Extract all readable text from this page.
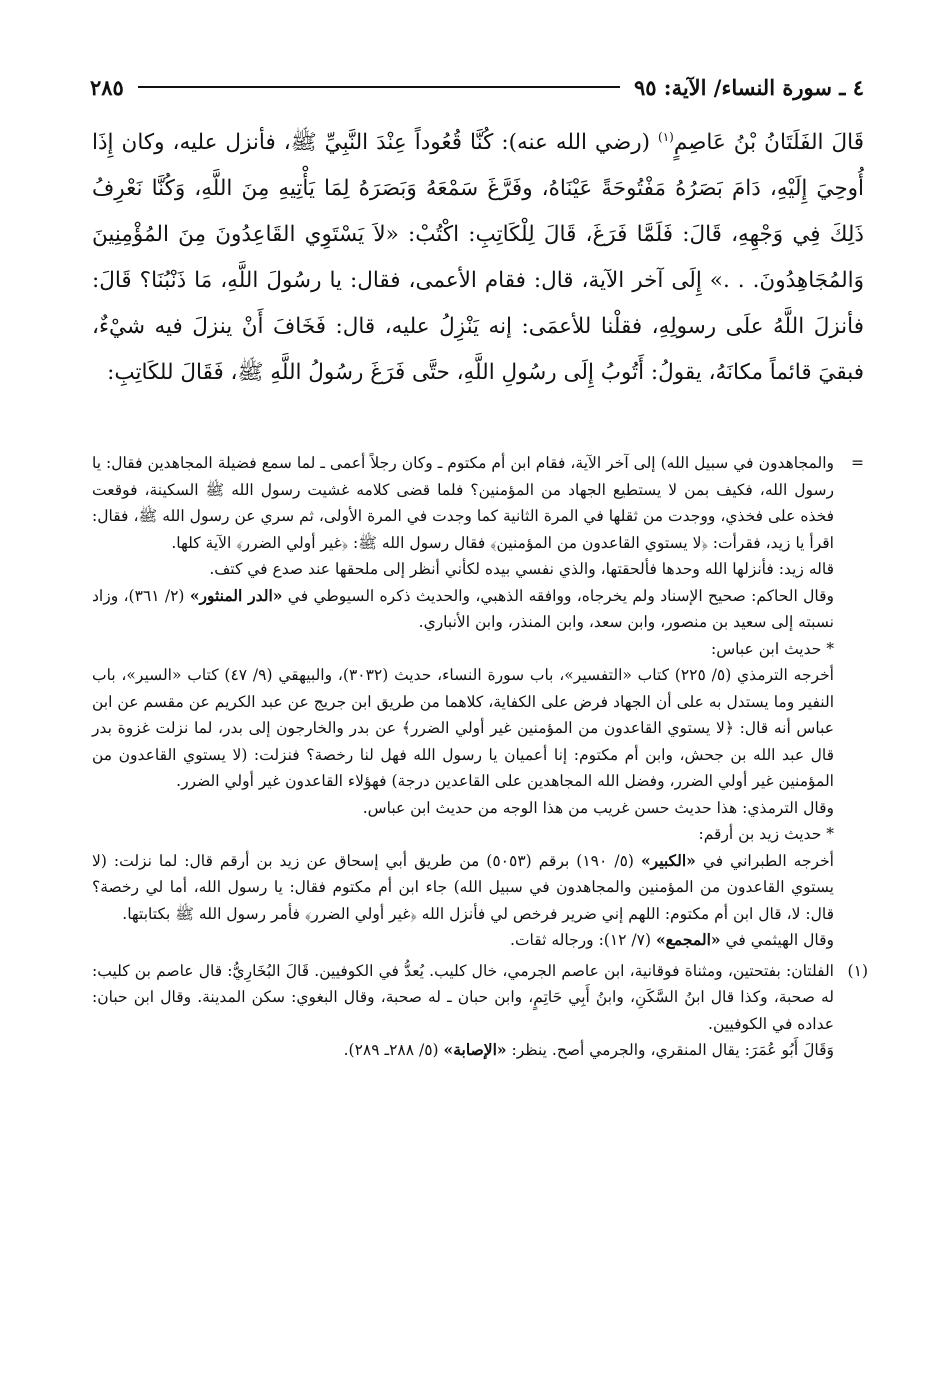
٤ ـ سورة النساء/ الآية: ٩٥
٢٨٥

قَالَ الفَلَتَانُ بْنُ عَاصِمٍ$^{(١)}$ (رضي الله عنه): كُنَّا قُعُوداً عِنْدَ النَّبِيِّ ﷺ، فأنزل عليه، وكان إِذَا أُوحِيَ إِلَيْهِ، دَامَ بَصَرُهُ مَفْتُوحَةً عَيْنَاهُ، وفَرَّغَ سَمْعَهُ وَبَصَرَهُ لِمَا يَأْتِيهِ مِنَ اللَّهِ، وَكُنَّا نَعْرِفُ ذَلِكَ فِي وَجْهِهِ، قَالَ: فَلَمَّا فَرَغَ، قَالَ لِلْكَاتِبِ: اكْتُبْ: «لاَ يَسْتَوِي القَاعِدُونَ مِنَ المُؤْمِنِينَ وَالمُجَاهِدُونَ. . .» إِلَى آخر الآية، قال: فقام الأعمى، فقال: يا رسُولَ اللَّهِ، مَا ذَنْبُنَا؟ قَالَ: فأنزلَ اللَّهُ علَى رسولِهِ، فقلْنا للأعمَى: إنه يَنْزِلُ عليه، قال: فَخَافَ أَنْ ينزلَ فيه شيْءٌ، فبقيَ قائماً مكانَهُ، يقولُ: أَتُوبُ إِلَى رسُولِ اللَّهِ، حتَّى فَرَغَ رسُولُ اللَّهِ ﷺ، فَقَالَ للكَاتِبِ:

=

والمجاهدون في سبيل الله) إلى آخر الآية، فقام ابن أم مكتوم ـ وكان رجلاً أعمى ـ لما سمع فضيلة المجاهدين فقال: يا رسول الله، فكيف بمن لا يستطيع الجهاد من المؤمنين؟ فلما قضى كلامه غشيت رسول الله ﷺ السكينة، فوقعت فخذه على فخذي، ووجدت من ثقلها في المرة الثانية كما وجدت في المرة الأولى، ثم سري عن رسول الله ﷺ، فقال: اقرأ يا زيد، فقرأت: ﴿لا يستوي القاعدون من المؤمنين﴾ فقال رسول الله ﷺ: ﴿غير أولي الضرر﴾ الآية كلها.

قاله زيد: فأنزلها الله وحدها فألحقتها، والذي نفسي بيده لكأني أنظر إلى ملحقها عند صدع في كتف.

وقال الحاكم: صحيح الإسناد ولم يخرجاه، ووافقه الذهبي، والحديث ذكره السيوطي في «الدر المنثور» (٢/ ٣٦١)، وزاد نسبته إلى سعيد بن منصور، وابن سعد، وابن المنذر، وابن الأنباري.

* حديث ابن عباس:

أخرجه الترمذي (٥/ ٢٢٥) كتاب «التفسير»، باب سورة النساء، حديث (٣٠٣٢)، والبيهقي (٩/ ٤٧) كتاب «السير»، باب النفير وما يستدل به على أن الجهاد فرض على الكفاية، كلاهما من طريق ابن جريج عن عبد الكريم عن مقسم عن ابن عباس أنه قال: ﴿لا يستوي القاعدون من المؤمنين غير أولي الضرر﴾ عن بدر والخارجون إلى بدر، لما نزلت غزوة بدر قال عبد الله بن جحش، وابن أم مكتوم: إنا أعميان يا رسول الله فهل لنا رخصة؟ فنزلت: (لا يستوي القاعدون من المؤمنين غير أولي الضرر، وفضل الله المجاهدين على القاعدين درجة) فهؤلاء القاعدون غير أولي الضرر.

وقال الترمذي: هذا حديث حسن غريب من هذا الوجه من حديث ابن عباس.

* حديث زيد بن أرقم:

أخرجه الطبراني في «الكبير» (٥/ ١٩٠) برقم (٥٠٥٣) من طريق أبي إسحاق عن زيد بن أرقم قال: لما نزلت: (لا يستوي القاعدون من المؤمنين والمجاهدون في سبيل الله) جاء ابن أم مكتوم فقال: يا رسول الله، أما لي رخصة؟ قال: لا، قال ابن أم مكتوم: اللهم إني ضرير فرخص لي فأنزل الله ﴿غير أولي الضرر﴾ فأمر رسول الله ﷺ بكتابتها.

وقال الهيثمي في «المجمع» (٧/ ١٢): ورجاله ثقات.

(١)

الفلتان: بفتحتين، ومثناة فوقانية، ابن عاصم الجرمي، خال كليب. يُعدُّ في الكوفيين. قَالَ البُخَارِيُّ: قال عاصم بن كليب: له صحبة، وكذا قال ابنُ السَّكَنِ، وابنُ أَبِي حَاتِمٍ، وابن حبان ـ له صحبة، وقال البغوي: سكن المدينة. وقال ابن حبان: عداده في الكوفيين.

وَقَالَ أَبُو عُمَرَ: يقال المنقري، والجرمي أصح. ينظر: «الإصابة» (٥/ ٢٨٨ـ ٢٨٩).
